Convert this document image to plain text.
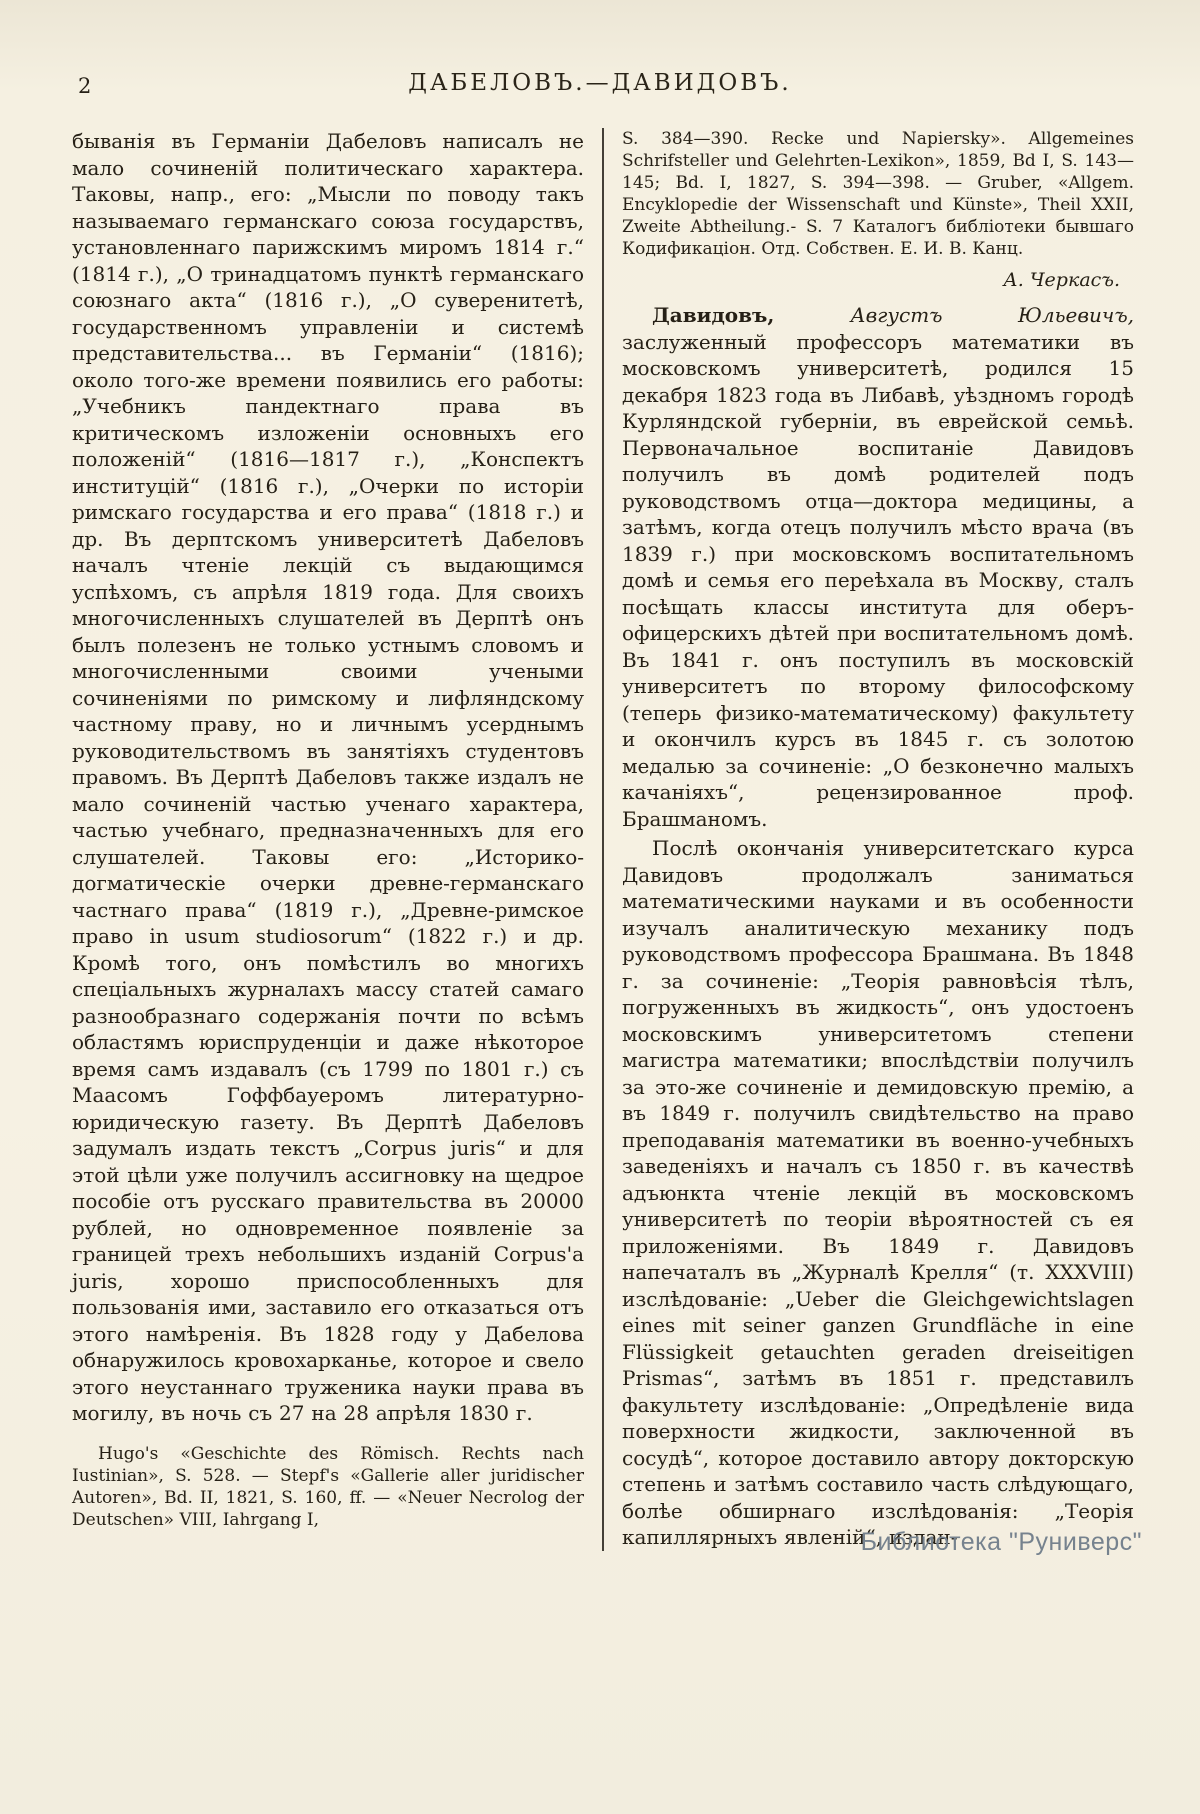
2	ДАБЕЛОВЪ.—ДАВИДОВЪ.

быванія въ Германіи Дабеловъ написалъ не мало сочиненій политическаго характера. Таковы, напр., его: „Мысли по поводу такъ называемаго германскаго союза государствъ, установленнаго парижскимъ миромъ 1814 г.“ (1814 г.), „О тринадцатомъ пунктѣ германскаго союзнаго акта“ (1816 г.), „О суверенитетѣ, государственномъ управленіи и системѣ представительства... въ Германіи“ (1816); около того-же времени появились его работы: „Учебникъ пандектнаго права въ критическомъ изложеніи основныхъ его положеній“ (1816—1817 г.), „Конспектъ институцій“ (1816 г.), „Очерки по исторіи римскаго государства и его права“ (1818 г.) и др. Въ дерптскомъ университетѣ Дабеловъ началъ чтеніе лекцій съ выдающимся успѣхомъ, съ апрѣля 1819 года. Для своихъ многочисленныхъ слушателей въ Дерптѣ онъ былъ полезенъ не только устнымъ словомъ и многочисленными своими учеными сочиненіями по римскому и лифляндскому частному праву, но и личнымъ усерднымъ руководительствомъ въ занятіяхъ студентовъ правомъ. Въ Дерптѣ Дабеловъ также издалъ не мало сочиненій частью ученаго характера, частью учебнаго, предназначенныхъ для его слушателей. Таковы его: „Историко-догматическіе очерки древне-германскаго частнаго права“ (1819 г.), „Древне-римское право in usum studiosorum“ (1822 г.) и др. Кромѣ того, онъ помѣстилъ во многихъ спеціальныхъ журналахъ массу статей самаго разнообразнаго содержанія почти по всѣмъ областямъ юриспруденціи и даже нѣкоторое время самъ издавалъ (съ 1799 по 1801 г.) съ Маасомъ Гоффбауеромъ литературно-юридическую газету. Въ Дерптѣ Дабеловъ задумалъ издать текстъ „Corpus juris“ и для этой цѣли уже получилъ ассигновку на щедрое пособіе отъ русскаго правительства въ 20000 рублей, но одновременное появленіе за границей трехъ небольшихъ изданій Corpus'а juris, хорошо приспособленныхъ для пользованія ими, заставило его отказаться отъ этого намѣренія. Въ 1828 году у Дабелова обнаружилось кровохарканье, которое и свело этого неустаннаго труженика науки права въ могилу, въ ночь съ 27 на 28 апрѣля 1830 г.

Hugo's «Geschichte des Römisch. Rechts nach Iustinian», S. 528. — Stepf's «Gallerie aller juridischer Autoren», Bd. II, 1821, S. 160, ff. — «Neuer Necrolog der Deutschen» VIII, Iahrgang I,

S. 384—390. Recke und Napiersky». Allgemeines Schrifsteller und Gelehrten-Lexikon», 1859, Bd I, S. 143—145; Bd. I, 1827, S. 394—398. — Gruber, «Allgem. Encyklopedie der Wissenschaft und Künste», Theil XXII, Zweite Abtheilung.- S. 7 Каталогъ библіотеки бывшаго Кодификаціон. Отд. Собствен. Е. И. В. Канц.

А. Черкасъ.

Давидовъ, Августъ Юльевичъ, заслуженный профессоръ математики въ московскомъ университетѣ, родился 15 декабря 1823 года въ Либавѣ, уѣздномъ городѣ Курляндской губерніи, въ еврейской семьѣ. Первоначальное воспитаніе Давидовъ получилъ въ домѣ родителей подъ руководствомъ отца—доктора медицины, а затѣмъ, когда отецъ получилъ мѣсто врача (въ 1839 г.) при московскомъ воспитательномъ домѣ и семья его переѣхала въ Москву, сталъ посѣщать классы института для оберъ-офицерскихъ дѣтей при воспитательномъ домѣ. Въ 1841 г. онъ поступилъ въ московскій университетъ по второму философскому (теперь физико-математическому) факультету и окончилъ курсъ въ 1845 г. съ золотою медалью за сочиненіе: „О безконечно малыхъ качаніяхъ“, рецензированное проф. Брашманомъ.

Послѣ окончанія университетскаго курса Давидовъ продолжалъ заниматься математическими науками и въ особенности изучалъ аналитическую механику подъ руководствомъ профессора Брашмана. Въ 1848 г. за сочиненіе: „Теорія равновѣсія тѣлъ, погруженныхъ въ жидкость“, онъ удостоенъ московскимъ университетомъ степени магистра математики; впослѣдствіи получилъ за это-же сочиненіе и демидовскую премію, а въ 1849 г. получилъ свидѣтельство на право преподаванія математики въ военно-учебныхъ заведеніяхъ и началъ съ 1850 г. въ качествѣ адъюнкта чтеніе лекцій въ московскомъ университетѣ по теоріи вѣроятностей съ ея приложеніями. Въ 1849 г. Давидовъ напечаталъ въ „Журналѣ Крелля“ (т. XXXVIII) изслѣдованіе: „Ueber die Gleichgewichtslagen eines mit seiner ganzen Grundfläche in eine Flüssigkeit getauchten geraden dreiseitigen Prismas“, затѣмъ въ 1851 г. представилъ факультету изслѣдованіе: „Опредѣленіе вида поверхности жидкости, заключенной въ сосудѣ“, которое доставило автору докторскую степень и затѣмъ составило часть слѣдующаго, болѣе обширнаго изслѣдованія: „Теорія капиллярныхъ явленій“, издан-

Библиотека "Руниверс"
